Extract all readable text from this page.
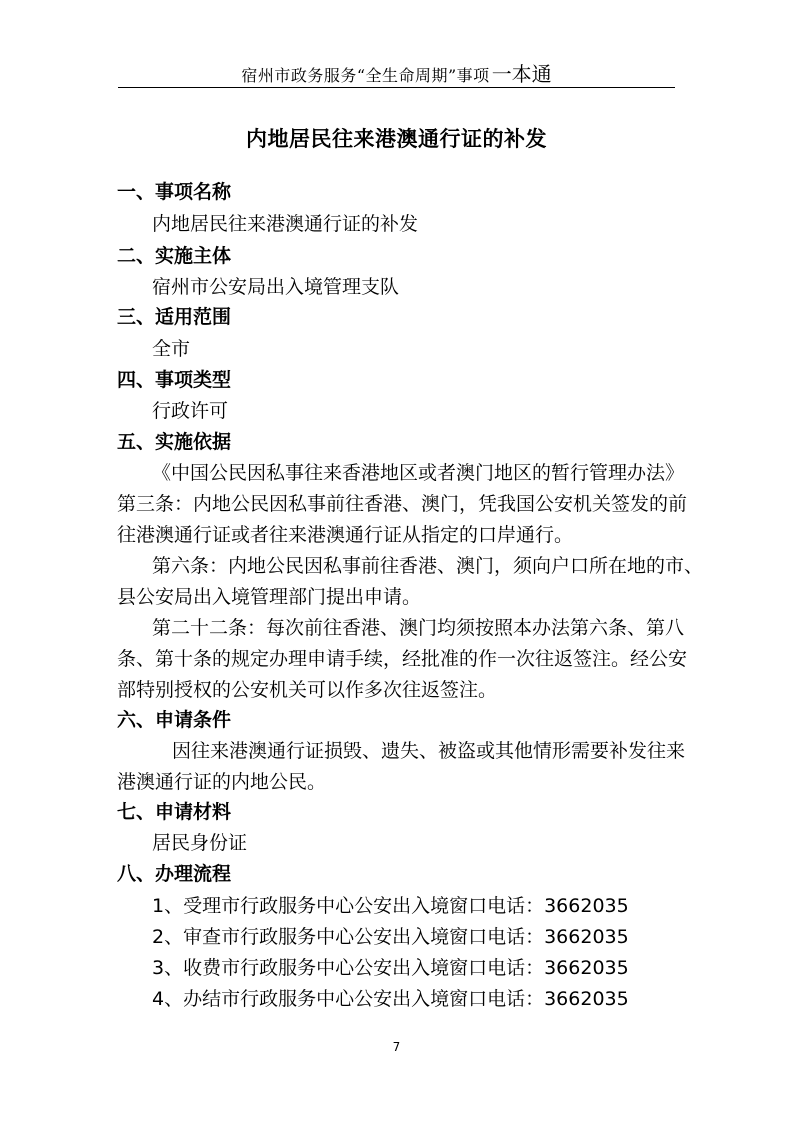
宿州市政务服务“全生命周期”事项 一本通
内地居民往来港澳通行证的补发
一、事项名称
内地居民往来港澳通行证的补发
二、实施主体
宿州市公安局出入境管理支队
三、适用范围
全市
四、事项类型
行政许可
五、实施依据
《中国公民因私事往来香港地区或者澳门地区的暂行管理办法》
第三条：内地公民因私事前往香港、澳门，凭我国公安机关签发的前
往港澳通行证或者往来港澳通行证从指定的口岸通行。
第六条：内地公民因私事前往香港、澳门，须向户口所在地的市、
县公安局出入境管理部门提出申请。
第二十二条：每次前往香港、澳门均须按照本办法第六条、第八
条、第十条的规定办理申请手续，经批准的作一次往返签注。经公安
部特别授权的公安机关可以作多次往返签注。
六、申请条件
因往来港澳通行证损毁、遗失、被盗或其他情形需要补发往来
港澳通行证的内地公民。
七、申请材料
居民身份证
八、办理流程
1、受理市行政服务中心公安出入境窗口电话：3662035
2、审查市行政服务中心公安出入境窗口电话：3662035
3、收费市行政服务中心公安出入境窗口电话：3662035
4、办结市行政服务中心公安出入境窗口电话：3662035
7
